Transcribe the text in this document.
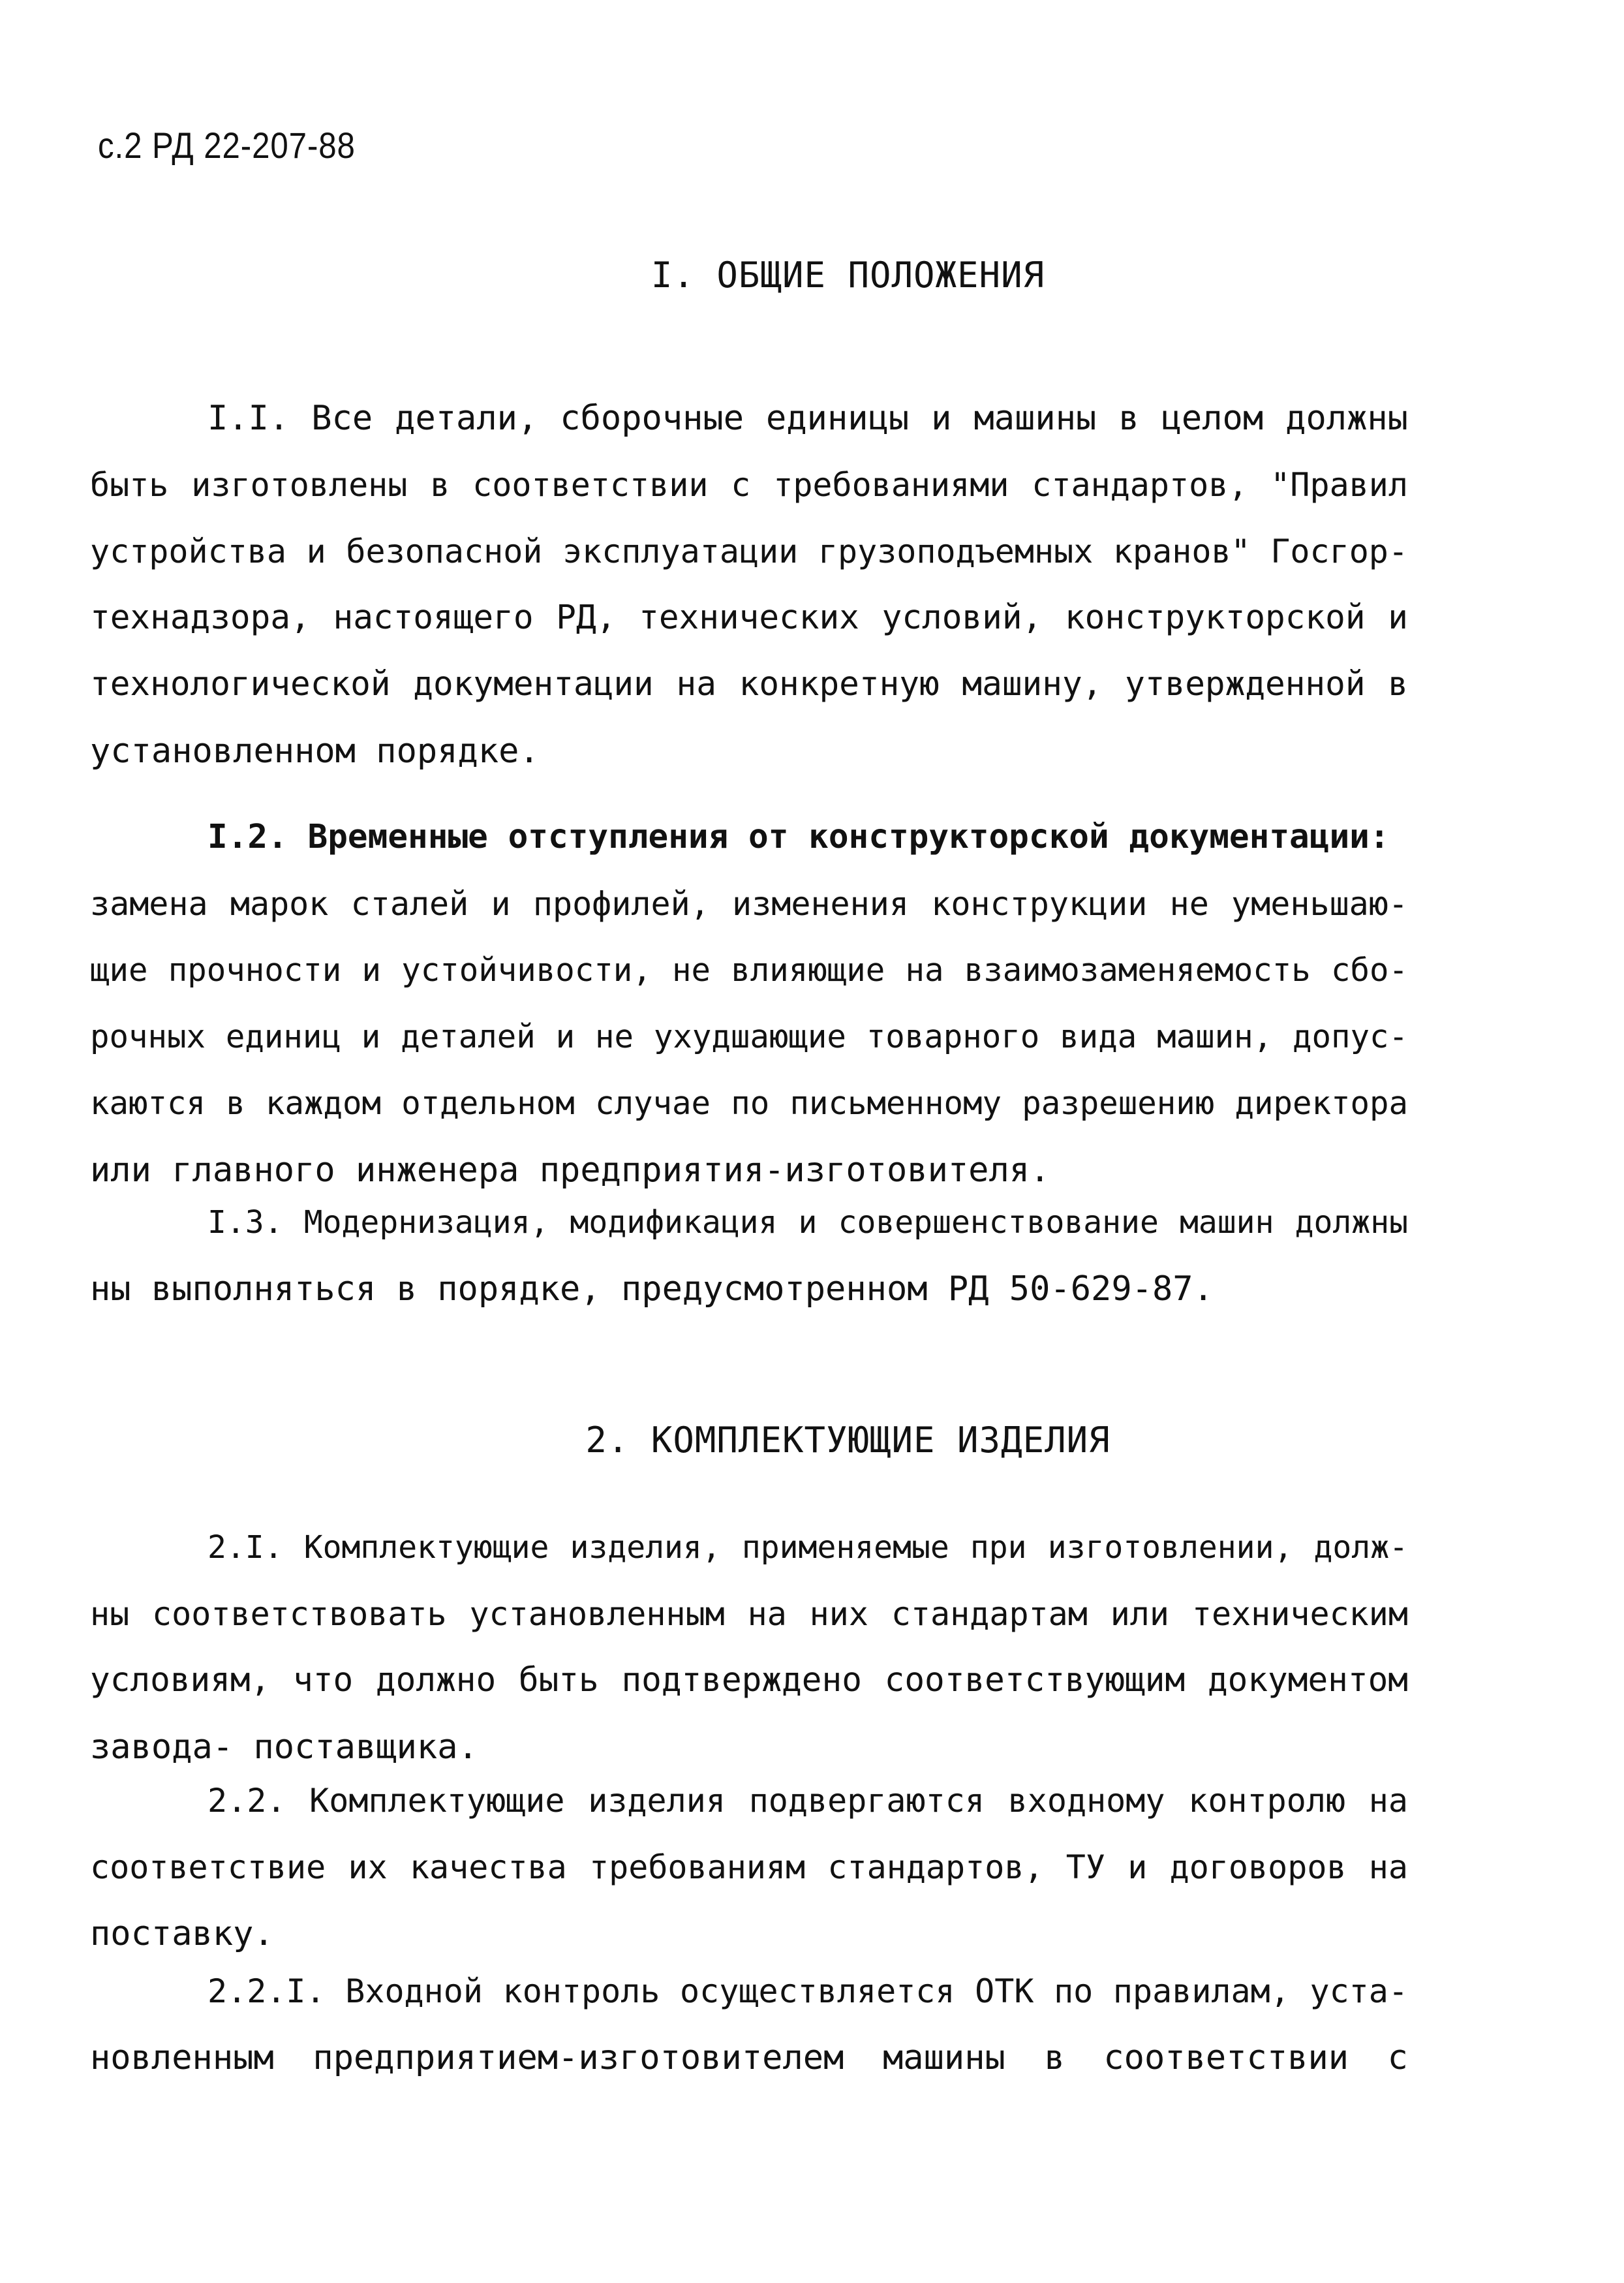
с.2 РД 22-207-88
I. ОБЩИЕ ПОЛОЖЕНИЯ
I.I. Все детали, сборочные единицы и машины в целом должны
быть изготовлены в соответствии с требованиями стандартов, "Правил
устройства и безопасной эксплуатации грузоподъемных кранов" Госгор-
технадзора, настоящего РД, технических условий, конструкторской и
технологической документации на конкретную машину, утвержденной в
установленном порядке.
I.2. Временные отступления от конструкторской документации:
замена марок сталей и профилей, изменения конструкции не уменьшаю-
щие прочности и устойчивости, не влияющие на взаимозаменяемость сбо-
рочных единиц и деталей и не ухудшающие товарного вида машин, допус-
каются в каждом отдельном случае по письменному разрешению директора
или главного инженера предприятия-изготовителя.
I.3. Модернизация, модификация и совершенствование машин должны
ны выполняться в порядке, предусмотренном РД 50-629-87.
2. КОМПЛЕКТУЮЩИЕ ИЗДЕЛИЯ
2.I. Комплектующие изделия, применяемые при изготовлении, долж-
ны соответствовать установленным на них стандартам или техническим
условиям, что должно быть подтверждено соответствующим документом
завода- поставщика.
2.2. Комплектующие изделия подвергаются входному контролю на
соответствие их качества требованиям стандартов, ТУ и договоров на
поставку.
2.2.I. Входной контроль осуществляется ОТК по правилам, уста-
новленным предприятием-изготовителем машины в соответствии с
